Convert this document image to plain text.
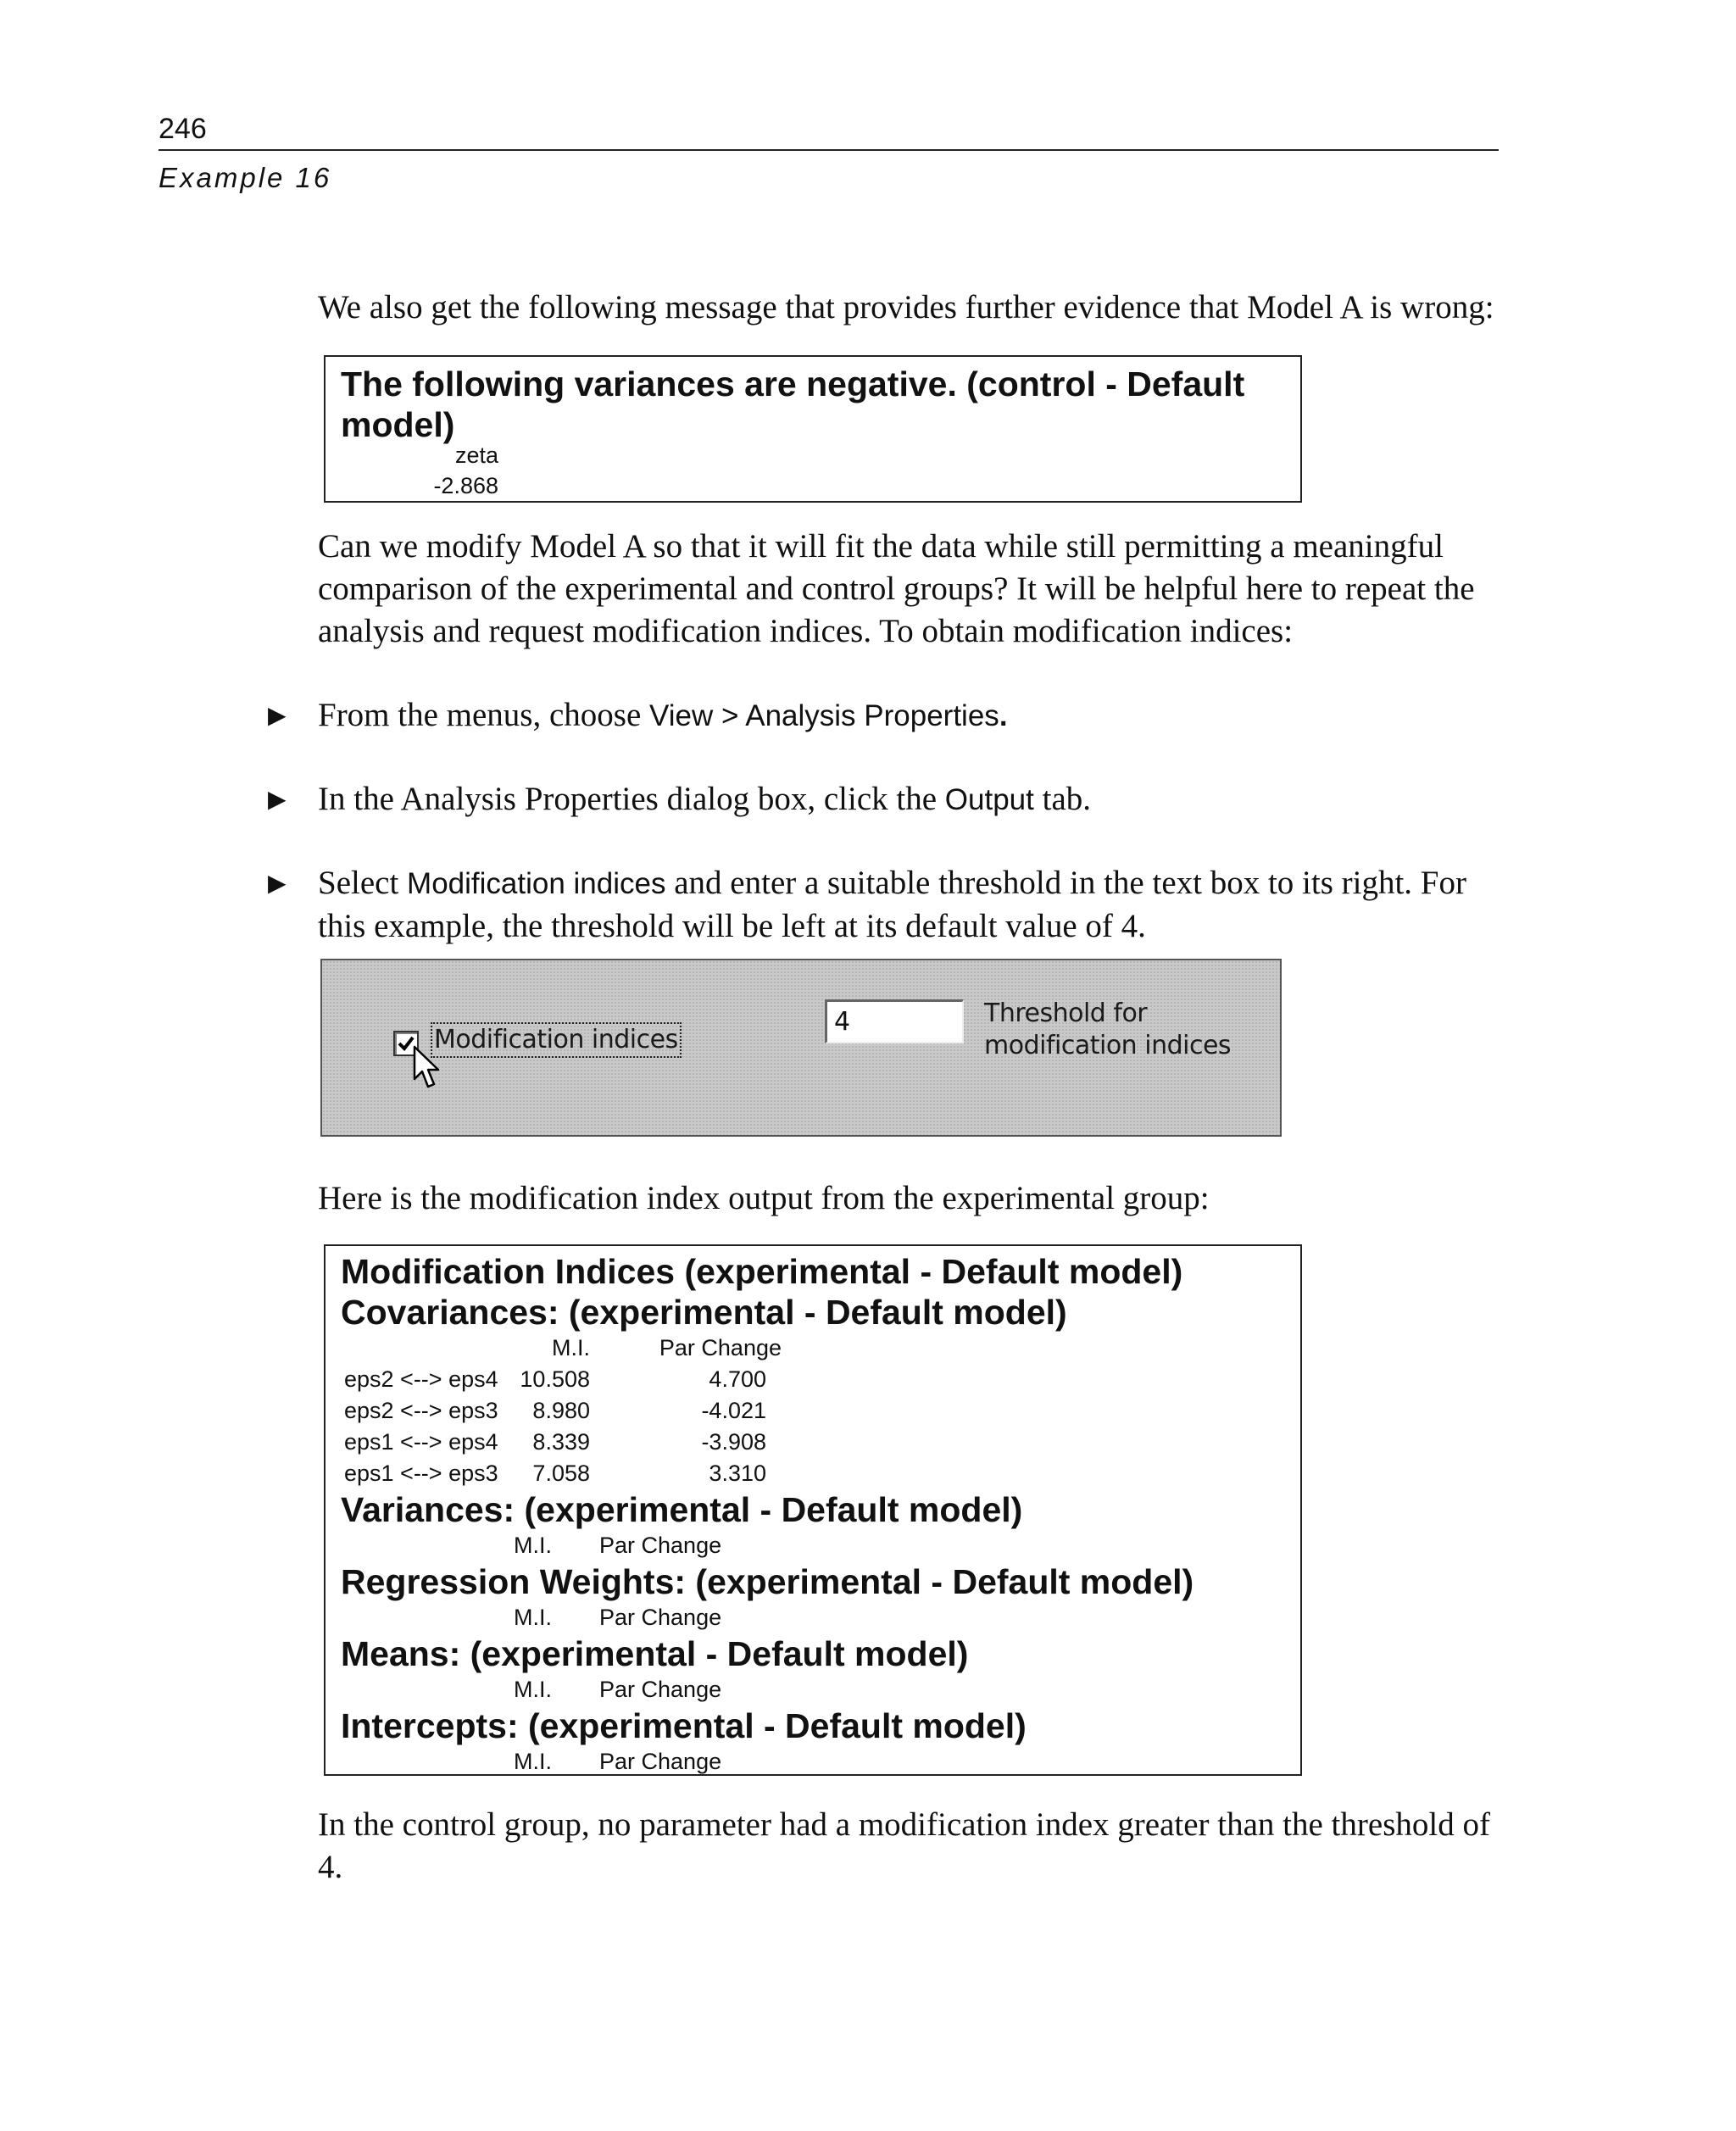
246
Example 16

We also get the following message that provides further evidence that Model A is wrong:

The following variances are negative. (control - Default model)

zeta
-2.868

Can we modify Model A so that it will fit the data while still permitting a meaningful comparison of the experimental and control groups? It will be helpful here to repeat the analysis and request modification indices. To obtain modification indices:

▶ From the menus, choose View > Analysis Properties.
▶ In the Analysis Properties dialog box, click the Output tab.
▶ Select Modification indices and enter a suitable threshold in the text box to its right. For this example, the threshold will be left at its default value of 4.
Modification indices
4
Threshold for
modification indices

Here is the modification index output from the experimental group:

Modification Indices (experimental - Default model)

Covariances: (experimental - Default model)

	M.I.	Par Change
eps2 <--> eps4	10.508	4.700
eps2 <--> eps3	8.980	-4.021
eps1 <--> eps4	8.339	-3.908
eps1 <--> eps3	7.058	3.310

Variances: (experimental - Default model)

M.I. Par Change

Regression Weights: (experimental - Default model)

M.I. Par Change

Means: (experimental - Default model)

M.I. Par Change

Intercepts: (experimental - Default model)

M.I. Par Change

In the control group, no parameter had a modification index greater than the threshold of 4.
